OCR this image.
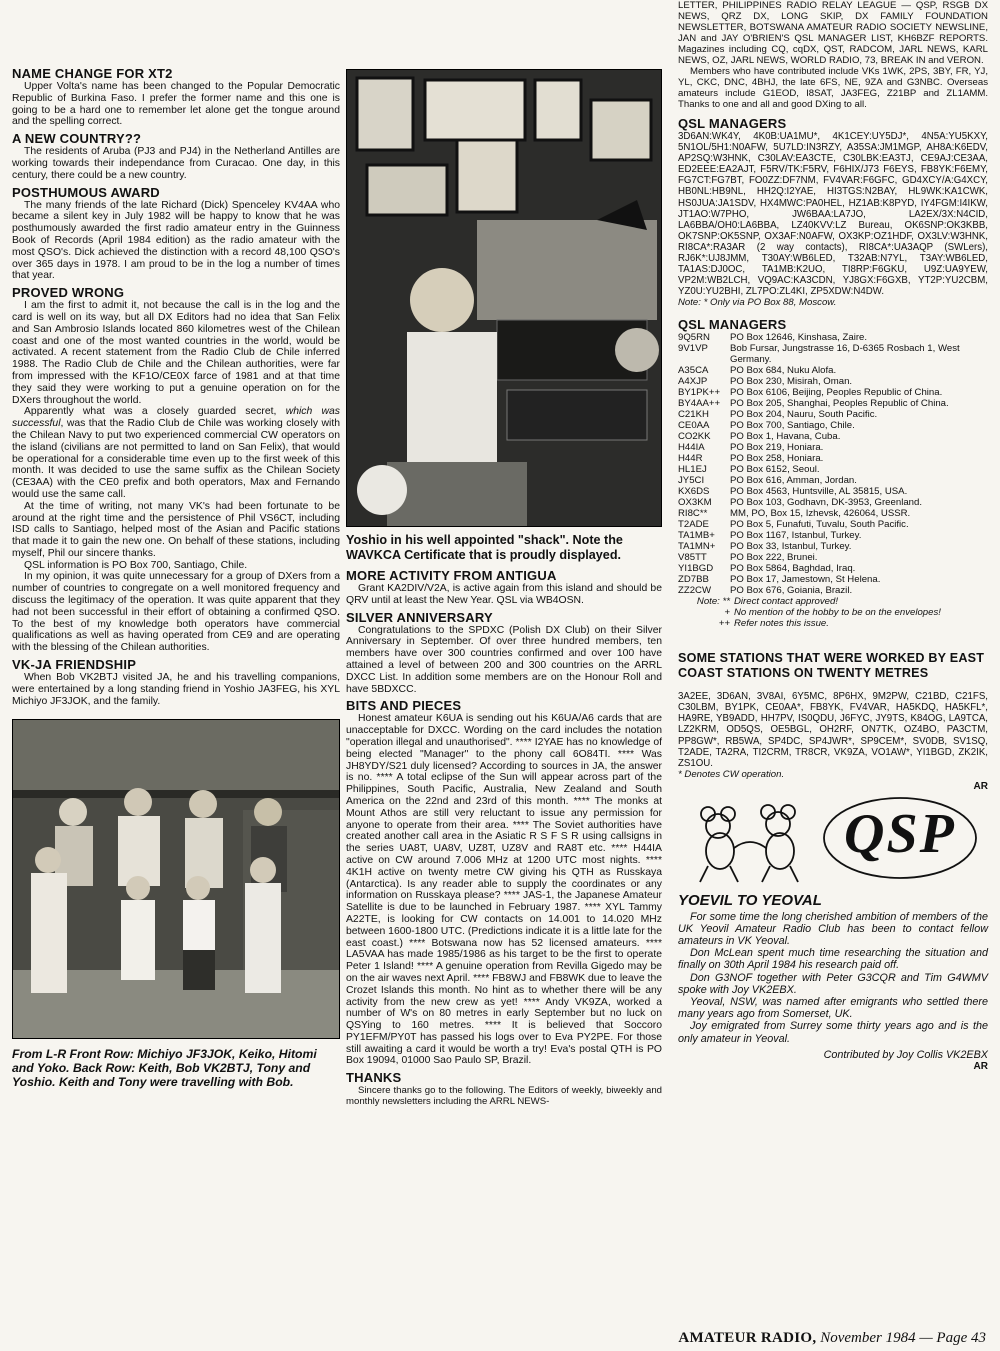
NAME CHANGE FOR XT2

Upper Volta's name has been changed to the Popular Democratic Republic of Burkina Faso. I prefer the former name and this one is going to be a hard one to remember let alone get the tongue around and the spelling correct.

A NEW COUNTRY??

The residents of Aruba (PJ3 and PJ4) in the Netherland Antilles are working towards their independance from Curacao. One day, in this century, there could be a new country.

POSTHUMOUS AWARD

The many friends of the late Richard (Dick) Spenceley KV4AA who became a silent key in July 1982 will be happy to know that he was posthumously awarded the first radio amateur entry in the Guinness Book of Records (April 1984 edition) as the radio amateur with the most QSO's. Dick achieved the distinction with a record 48,100 QSO's over 365 days in 1978. I am proud to be in the log a number of times that year.

PROVED WRONG

I am the first to admit it, not because the call is in the log and the card is well on its way, but all DX Editors had no idea that San Felix and San Ambrosio Islands located 860 kilometres west of the Chilean coast and one of the most wanted countries in the world, would be activated. A recent statement from the Radio Club de Chile inferred 1988. The Radio Club de Chile and the Chilean authorities, were far from impressed with the KF1O/CE0X farce of 1981 and at that time they said they were working to put a genuine operation on for the DXers throughout the world.

Apparently what was a closely guarded secret, which was successful, was that the Radio Club de Chile was working closely with the Chilean Navy to put two experienced commercial CW operators on the island (civilians are not permitted to land on San Felix), that would be operational for a considerable time even up to the first week of this month. It was decided to use the same suffix as the Chilean Society (CE3AA) with the CE0 prefix and both operators, Max and Fernando would use the same call.

At the time of writing, not many VK's had been fortunate to be around at the right time and the persistence of Phil VS6CT, including ISD calls to Santiago, helped most of the Asian and Pacific stations that made it to gain the new one. On behalf of these stations, including myself, Phil our sincere thanks.

QSL information is PO Box 700, Santiago, Chile.

In my opinion, it was quite unnecessary for a group of DXers from a number of countries to congregate on a well monitored frequency and discuss the legitimacy of the operation. It was quite apparent that they had not been successful in their effort of obtaining a confirmed QSO. To the best of my knowledge both operators have commercial qualifications as well as having operated from CE9 and are operating with the blessing of the Chilean authorities.

VK-JA FRIENDSHIP

When Bob VK2BTJ visited JA, he and his travelling companions, were entertained by a long standing friend in Yoshio JA3FEG, his XYL Michiyo JF3JOK, and the family.

From L-R Front Row: Michiyo JF3JOK, Keiko, Hitomi and Yoko. Back Row: Keith, Bob VK2BTJ, Tony and Yoshio. Keith and Tony were travelling with Bob.
Yoshio in his well appointed "shack". Note the WAVKCA Certificate that is proudly displayed.
MORE ACTIVITY FROM ANTIGUA

Grant KA2DIV/V2A, is active again from this island and should be QRV until at least the New Year. QSL via WB4OSN.

SILVER ANNIVERSARY

Congratulations to the SPDXC (Polish DX Club) on their Silver Anniversary in September. Of over three hundred members, ten members have over 300 countries confirmed and over 100 have attained a level of between 200 and 300 countries on the ARRL DXCC List. In addition some members are on the Honour Roll and have 5BDXCC.

BITS AND PIECES

Honest amateur K6UA is sending out his K6UA/A6 cards that are unacceptable for DXCC. Wording on the card includes the notation "operation illegal and unauthorised". **** I2YAE has no knowledge of being elected "Manager" to the phony call 6O84TI. **** Was JH8YDY/S21 duly licensed? According to sources in JA, the answer is no. **** A total eclipse of the Sun will appear across part of the Philippines, South Pacific, Australia, New Zealand and South America on the 22nd and 23rd of this month. **** The monks at Mount Athos are still very reluctant to issue any permission for anyone to operate from their area. **** The Soviet authorities have created another call area in the Asiatic R S F S R using callsigns in the series UA8T, UA8V, UZ8T, UZ8V and RA8T etc. **** H44IA active on CW around 7.006 MHz at 1200 UTC most nights. **** 4K1H active on twenty metre CW giving his QTH as Russkaya (Antarctica). Is any reader able to supply the coordinates or any information on Russkaya please? **** JAS-1, the Japanese Amateur Satellite is due to be launched in February 1987. **** XYL Tammy A22TE, is looking for CW contacts on 14.001 to 14.020 MHz between 1600-1800 UTC. (Predictions indicate it is a little late for the east coast.) **** Botswana now has 52 licensed amateurs. **** LA5VAA has made 1985/1986 as his target to be the first to operate Peter 1 Island! **** A genuine operation from Revilla Gigedo may be on the air waves next April. **** FB8WJ and FB8WK due to leave the Crozet Islands this month. No hint as to whether there will be any activity from the new crew as yet! **** Andy VK9ZA, worked a number of W's on 80 metres in early September but no luck on QSYing to 160 metres. **** It is believed that Soccoro PY1EFM/PY0T has passed his logs over to Eva PY2PE. For those still awaiting a card it would be worth a try! Eva's postal QTH is PO Box 19094, 01000 Sao Paulo SP, Brazil.

THANKS

Sincere thanks go to the following. The Editors of weekly, biweekly and monthly newsletters including the ARRL NEWS-

LETTER, PHILIPPINES RADIO RELAY LEAGUE — QSP, RSGB DX NEWS, QRZ DX, LONG SKIP, DX FAMILY FOUNDATION NEWSLETTER, BOTSWANA AMATEUR RADIO SOCIETY NEWSLINE, JAN and JAY O'BRIEN'S QSL MANAGER LIST, KH6BZF REPORTS. Magazines including CQ, cqDX, QST, RADCOM, JARL NEWS, KARL NEWS, OZ, JARL NEWS, WORLD RADIO, 73, BREAK IN and VERON.

Members who have contributed include VKs 1WK, 2PS, 3BY, FR, YJ, YL, CKC, DNC, 4BHJ, the late 6FS, NE, 9ZA and G3NBC. Overseas amateurs include G1EOD, I8SAT, JA3FEG, Z21BP and ZL1AMM. Thanks to one and all and good DXing to all.

QSL MANAGERS

3D6AN:WK4Y, 4K0B:UA1MU*, 4K1CEY:UY5DJ*, 4N5A:YU5KXY, 5N1OL/5H1:N0AFW, 5U7LD:IN3RZY, A35SA:JM1MGP, AH8A:K6EDV, AP2SQ:W3HNK, C30LAV:EA3CTE, C30LBK:EA3TJ, CE9AJ:CE3AA, ED2EEE:EA2AJT, F5RV/TK:F5RV, F6HIX/J73 F6EYS, FB8YK:F6EMY, FG7CT:FG7BT, FO0ZZ:DF7NM, FV4VAR:F6GFC, GD4XCY/A:G4XCY, HB0NL:HB9NL, HH2Q:I2YAE, HI3TGS:N2BAY, HL9WK:KA1CWK, HS0JUA:JA1SDV, HX4MWC:PA0HEL, HZ1AB:K8PYD, IY4FGM:I4IKW, JT1AO:W7PHO, JW6BAA:LA7JO, LA2EX/3X:N4CID, LA6BBA/OH0:LA6BBA, LZ40KVV:LZ Bureau, OK6SNP:OK3KBB, OK7SNP:OK5SNP, OX3AF:N0AFW, OX3KP:OZ1HDF, OX3LV:W3HNK, RI8CA*:RA3AR (2 way contacts), RI8CA*:UA3AQP (SWLers), RJ6K*:UJ8JMM, T30AY:WB6LED, T32AB:N7YL, T3AY:WB6LED, TA1AS:DJ0OC, TA1MB:K2UO, TI8RP:F6GKU, U9Z:UA9YEW, VP2M:WB2LCH, VQ9AC:KA3CDN, YJ8GX:F6GXB, YT2P:YU2CBM, YZ0U:YU2BHI, ZL7PO:ZL4KI, ZP5XDW:N4DW.

Note: * Only via PO Box 88, Moscow.

QSL MANAGERS
9Q5RN	PO Box 12646, Kinshasa, Zaire.
9V1VP	Bob Fursar, Jungstrasse 16, D-6365 Rosbach 1, West Germany.
A35CA	PO Box 684, Nuku Alofa.
A4XJP	PO Box 230, Misirah, Oman.
BY1PK++	PO Box 6106, Beijing, Peoples Republic of China.
BY4AA++	PO Box 205, Shanghai, Peoples Republic of China.
C21KH	PO Box 204, Nauru, South Pacific.
CE0AA	PO Box 700, Santiago, Chile.
CO2KK	PO Box 1, Havana, Cuba.
H44IA	PO Box 219, Honiara.
H44R	PO Box 258, Honiara.
HL1EJ	PO Box 6152, Seoul.
JY5CI	PO Box 616, Amman, Jordan.
KX6DS	PO Box 4563, Huntsville, AL 35815, USA.
OX3KM	PO Box 103, Godhavn, DK-3953, Greenland.
RI8C**	MM, PO, Box 15, Izhevsk, 426064, USSR.
T2ADE	PO Box 5, Funafuti, Tuvalu, South Pacific.
TA1MB+	PO Box 1167, Istanbul, Turkey.
TA1MN+	PO Box 33, Istanbul, Turkey.
V85TT	PO Box 222, Brunei.
YI1BGD	PO Box 5864, Baghdad, Iraq.
ZD7BB	PO Box 17, Jamestown, St Helena.
ZZ2CW	PO Box 676, Goiania, Brazil.
Note: **	Direct contact approved!
+	No mention of the hobby to be on the envelopes!
++	Refer notes this issue.
SOME STATIONS THAT WERE WORKED BY EAST COAST STATIONS ON TWENTY METRES

3A2EE, 3D6AN, 3V8AI, 6Y5MC, 8P6HX, 9M2PW, C21BD, C21FS, C30LBM, BY1PK, CE0AA*, FB8YK, FV4VAR, HA5KDQ, HA5KFL*, HA9RE, YB9ADD, HH7PV, IS0QDU, J6FYC, JY9TS, K84OG, LA9TCA, LZ2KRM, OD5QS, OE5BGL, OH2RF, ON7TK, OZ4BO, PA3CTM, PP8GW*, RB5WA, SP4DC, SP4JWR*, SP9CEM*, SV0DB, SV1SQ, T2ADE, TA2RA, TI2CRM, TR8CR, VK9ZA, VO1AW*, YI1BGD, ZK2IK, ZS1OU.

* Denotes CW operation.

AR
QSP
YOEVIL TO YEOVAL

For some time the long cherished ambition of members of the UK Yeovil Amateur Radio Club has been to contact fellow amateurs in VK Yeoval.

Don McLean spent much time researching the situation and finally on 30th April 1984 his research paid off.

Don G3NOF together with Peter G3CQR and Tim G4WMV spoke with Joy VK2EBX.

Yeoval, NSW, was named after emigrants who settled there many years ago from Somerset, UK.

Joy emigrated from Surrey some thirty years ago and is the only amateur in Yeoval.

Contributed by Joy Collis VK2EBX

AR
AMATEUR RADIO, November 1984 — Page 43
